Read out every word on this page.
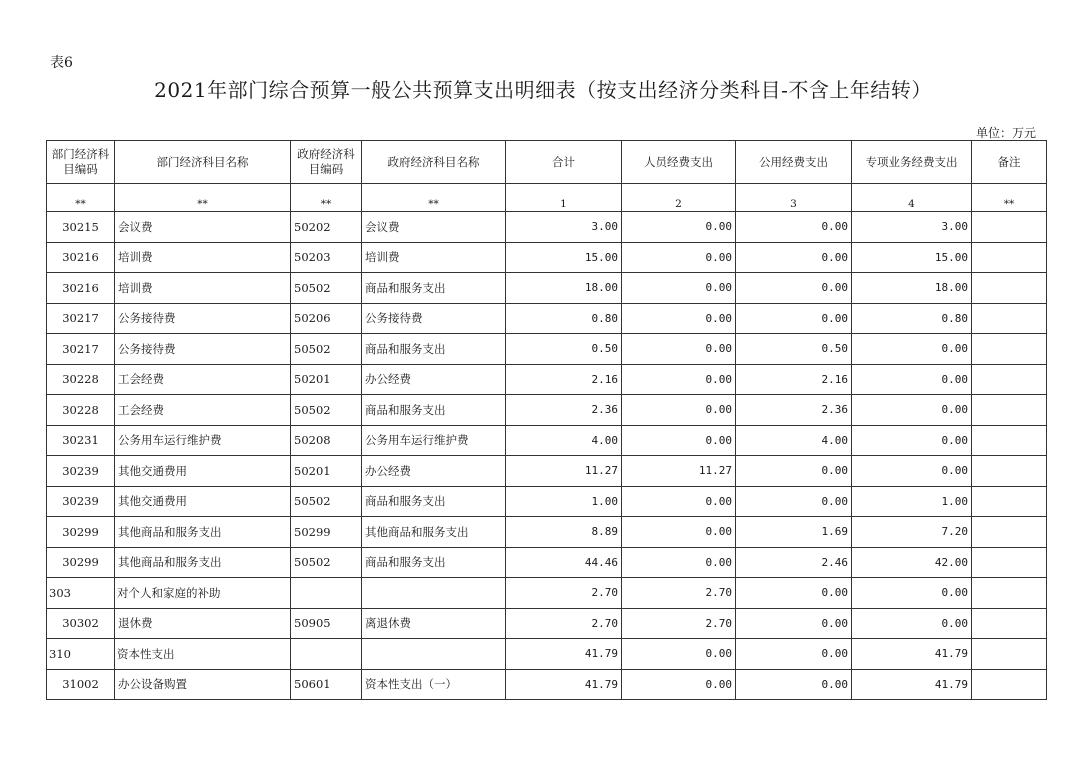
表6
2021年部门综合预算一般公共预算支出明细表（按支出经济分类科目-不含上年结转）
单位：万元
部门经济科目编码	部门经济科目名称	政府经济科目编码	政府经济科目名称	合计	人员经费支出	公用经费支出	专项业务经费支出	备注
**	**	**	**	1	2	3	4	**
30215	会议费	50202	会议费	3.00	0.00	0.00	3.00	
30216	培训费	50203	培训费	15.00	0.00	0.00	15.00	
30216	培训费	50502	商品和服务支出	18.00	0.00	0.00	18.00	
30217	公务接待费	50206	公务接待费	0.80	0.00	0.00	0.80	
30217	公务接待费	50502	商品和服务支出	0.50	0.00	0.50	0.00	
30228	工会经费	50201	办公经费	2.16	0.00	2.16	0.00	
30228	工会经费	50502	商品和服务支出	2.36	0.00	2.36	0.00	
30231	公务用车运行维护费	50208	公务用车运行维护费	4.00	0.00	4.00	0.00	
30239	其他交通费用	50201	办公经费	11.27	11.27	0.00	0.00	
30239	其他交通费用	50502	商品和服务支出	1.00	0.00	0.00	1.00	
30299	其他商品和服务支出	50299	其他商品和服务支出	8.89	0.00	1.69	7.20	
30299	其他商品和服务支出	50502	商品和服务支出	44.46	0.00	2.46	42.00	
303	对个人和家庭的补助			2.70	2.70	0.00	0.00	
30302	退休费	50905	离退休费	2.70	2.70	0.00	0.00	
310	资本性支出			41.79	0.00	0.00	41.79	
31002	办公设备购置	50601	资本性支出（一）	41.79	0.00	0.00	41.79	
